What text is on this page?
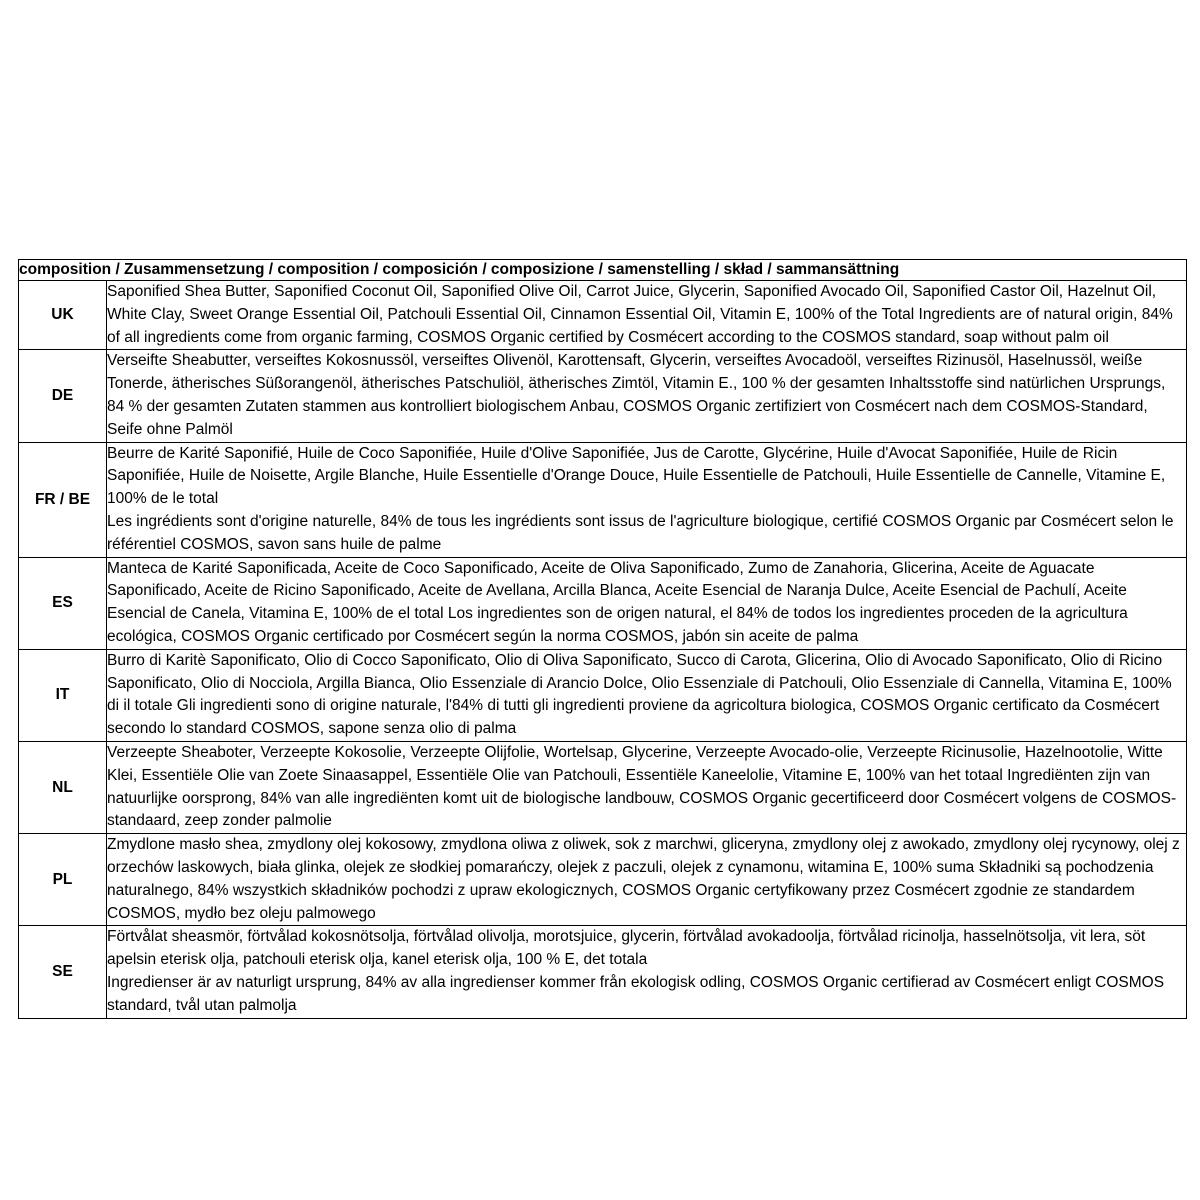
composition / Zusammensetzung / composition / composición / composizione / samenstelling / skład / sammansättning	
UK	Saponified Shea Butter, Saponified Coconut Oil, Saponified Olive Oil, Carrot Juice, Glycerin, Saponified Avocado Oil, Saponified Castor Oil, Hazelnut Oil, White Clay, Sweet Orange Essential Oil, Patchouli Essential Oil, Cinnamon Essential Oil, Vitamin E, 100% of the Total Ingredients are of natural origin, 84% of all ingredients come from organic farming, COSMOS Organic certified by Cosmécert according to the COSMOS standard, soap without palm oil

DE	Verseifte Sheabutter, verseiftes Kokosnussöl, verseiftes Olivenöl, Karottensaft, Glycerin, verseiftes Avocadoöl, verseiftes Rizinusöl, Haselnussöl, weiße Tonerde, ätherisches Süßorangenöl, ätherisches Patschuliöl, ätherisches Zimtöl, Vitamin E., 100 % der gesamten Inhaltsstoffe sind natürlichen Ursprungs, 84 % der gesamten Zutaten stammen aus kontrolliert biologischem Anbau, COSMOS Organic zertifiziert von Cosmécert nach dem COSMOS-Standard, Seife ohne Palmöl

FR / BE	Beurre de Karité Saponifié, Huile de Coco Saponifiée, Huile d'Olive Saponifiée, Jus de Carotte, Glycérine, Huile d'Avocat Saponifiée, Huile de Ricin Saponifiée, Huile de Noisette, Argile Blanche, Huile Essentielle d'Orange Douce, Huile Essentielle de Patchouli, Huile Essentielle de Cannelle, Vitamine E, 100% de le total
Les ingrédients sont d'origine naturelle, 84% de tous les ingrédients sont issus de l'agriculture biologique, certifié COSMOS Organic par Cosmécert selon le référentiel COSMOS, savon sans huile de palme

ES	Manteca de Karité Saponificada, Aceite de Coco Saponificado, Aceite de Oliva Saponificado, Zumo de Zanahoria, Glicerina, Aceite de Aguacate Saponificado, Aceite de Ricino Saponificado, Aceite de Avellana, Arcilla Blanca, Aceite Esencial de Naranja Dulce, Aceite Esencial de Pachulí, Aceite Esencial de Canela, Vitamina E, 100% de el total Los ingredientes son de origen natural, el 84% de todos los ingredientes proceden de la agricultura ecológica, COSMOS Organic certificado por Cosmécert según la norma COSMOS, jabón sin aceite de palma

IT	Burro di Karitè Saponificato, Olio di Cocco Saponificato, Olio di Oliva Saponificato, Succo di Carota, Glicerina, Olio di Avocado Saponificato, Olio di Ricino Saponificato, Olio di Nocciola, Argilla Bianca, Olio Essenziale di Arancio Dolce, Olio Essenziale di Patchouli, Olio Essenziale di Cannella, Vitamina E, 100% di il totale Gli ingredienti sono di origine naturale, l'84% di tutti gli ingredienti proviene da agricoltura biologica, COSMOS Organic certificato da Cosmécert secondo lo standard COSMOS, sapone senza olio di palma

NL	Verzeepte Sheaboter, Verzeepte Kokosolie, Verzeepte Olijfolie, Wortelsap, Glycerine, Verzeepte Avocado-olie, Verzeepte Ricinusolie, Hazelnootolie, Witte Klei, Essentiële Olie van Zoete Sinaasappel, Essentiële Olie van Patchouli, Essentiële Kaneelolie, Vitamine E, 100% van het totaal Ingrediënten zijn van natuurlijke oorsprong, 84% van alle ingrediënten komt uit de biologische landbouw, COSMOS Organic gecertificeerd door Cosmécert volgens de COSMOS-standaard, zeep zonder palmolie

PL	Zmydlone masło shea, zmydlony olej kokosowy, zmydlona oliwa z oliwek, sok z marchwi, gliceryna, zmydlony olej z awokado, zmydlony olej rycynowy, olej z orzechów laskowych, biała glinka, olejek ze słodkiej pomarańczy, olejek z paczuli, olejek z cynamonu, witamina E, 100% suma Składniki są pochodzenia naturalnego, 84% wszystkich składników pochodzi z upraw ekologicznych, COSMOS Organic certyfikowany przez Cosmécert zgodnie ze standardem COSMOS, mydło bez oleju palmowego

SE	Förtvålat sheasmör, förtvålad kokosnötsolja, förtvålad olivolja, morotsjuice, glycerin, förtvålad avokadoolja, förtvålad ricinolja, hasselnötsolja, vit lera, söt apelsin eterisk olja, patchouli eterisk olja, kanel eterisk olja, 100 % E, det totala
Ingredienser är av naturligt ursprung, 84% av alla ingredienser kommer från ekologisk odling, COSMOS Organic certifierad av Cosmécert enligt COSMOS standard, tvål utan palmolja
